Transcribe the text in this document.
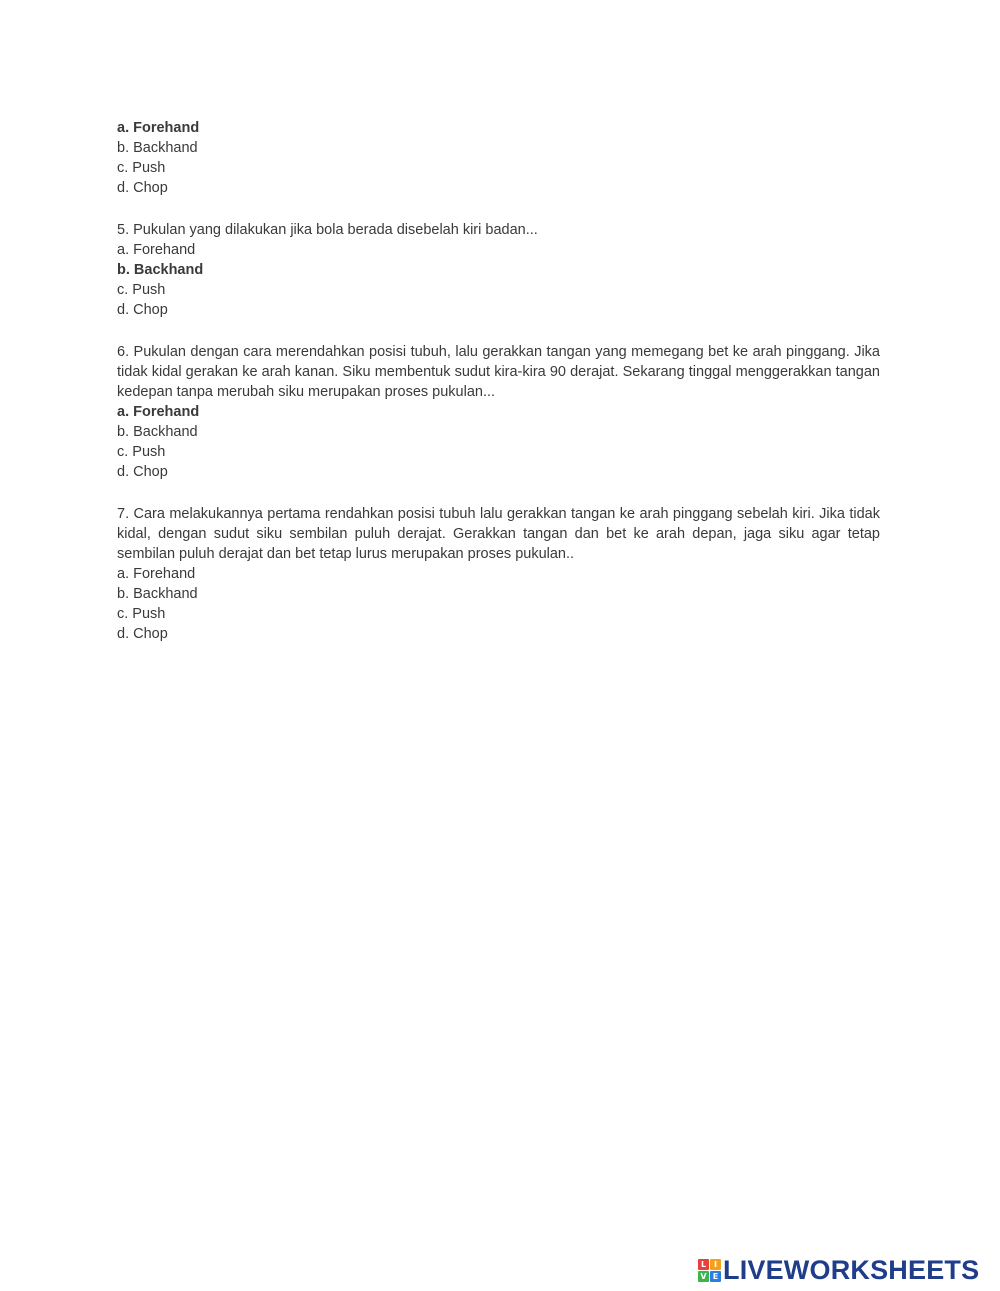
a. Forehand

b. Backhand

c. Push

d. Chop

5. Pukulan yang dilakukan jika bola berada disebelah kiri badan...

a. Forehand

b. Backhand

c. Push

d. Chop

6. Pukulan dengan cara merendahkan posisi tubuh, lalu gerakkan tangan yang memegang bet ke arah pinggang. Jika tidak kidal gerakan ke arah kanan. Siku membentuk sudut kira-kira 90 derajat. Sekarang tinggal menggerakkan tangan kedepan tanpa merubah siku merupakan proses pukulan...

a. Forehand

b. Backhand

c. Push

d. Chop

7. Cara melakukannya pertama rendahkan posisi tubuh lalu gerakkan tangan ke arah pinggang sebelah kiri. Jika tidak kidal, dengan sudut siku sembilan puluh derajat. Gerakkan tangan dan bet ke arah depan, jaga siku agar tetap sembilan puluh derajat dan bet tetap lurus merupakan proses pukulan..

a. Forehand

b. Backhand

c. Push

d. Chop

L I
V E LIVEWORKSHEETS
